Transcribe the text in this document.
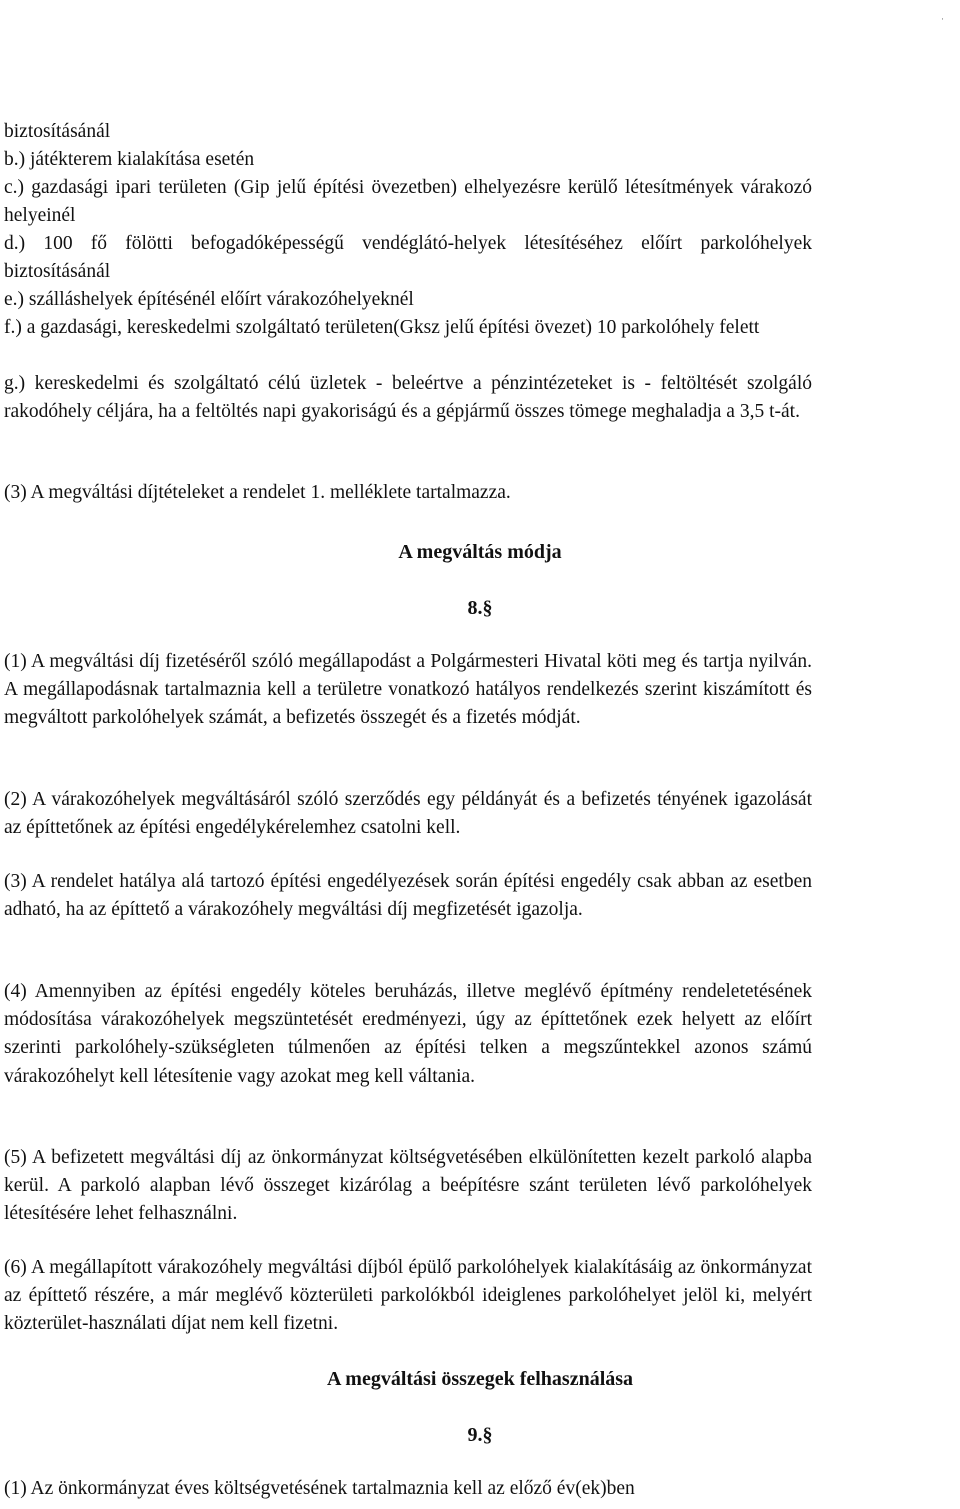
·

biztosításánál

b.) játékterem kialakítása esetén

c.) gazdasági ipari területen (Gip jelű építési övezetben) elhelyezésre kerülő létesítmények várakozó helyeinél

d.) 100 fő fölötti befogadóképességű vendéglátó-helyek létesítéséhez előírt parkolóhelyek biztosításánál

e.) szálláshelyek építésénél előírt várakozóhelyeknél

f.) a gazdasági, kereskedelmi szolgáltató területen(Gksz jelű építési övezet) 10 parkolóhely felett

g.) kereskedelmi és szolgáltató célú üzletek - beleértve a pénzintézeteket is - feltöltését szolgáló rakodóhely céljára, ha a feltöltés napi gyakoriságú és a gépjármű összes tömege meghaladja a 3,5 t-át.

(3) A megváltási díjtételeket a rendelet 1. melléklete tartalmazza.

A megváltás módja
8.§

(1) A megváltási díj fizetéséről szóló megállapodást a Polgármesteri Hivatal köti meg és tartja nyilván. A megállapodásnak tartalmaznia kell a területre vonatkozó hatályos rendelkezés szerint kiszámított és megváltott parkolóhelyek számát, a befizetés összegét és a fizetés módját.

(2) A várakozóhelyek megváltásáról szóló szerződés egy példányát és a befizetés tényének igazolását az építtetőnek az építési engedélykérelemhez csatolni kell.

(3) A rendelet hatálya alá tartozó építési engedélyezések során építési engedély csak abban az esetben adható, ha az építtető a várakozóhely megváltási díj megfizetését igazolja.

(4) Amennyiben az építési engedély köteles beruházás, illetve meglévő építmény rendeletetésének módosítása várakozóhelyek megszüntetését eredményezi, úgy az építtetőnek ezek helyett az előírt szerinti parkolóhely-szükségleten túlmenően az építési telken a megszűntekkel azonos számú várakozóhelyt kell létesítenie vagy azokat meg kell váltania.

(5) A befizetett megváltási díj az önkormányzat költségvetésében elkülönítetten kezelt parkoló alapba kerül. A parkoló alapban lévő összeget kizárólag a beépítésre szánt területen lévő parkolóhelyek létesítésére lehet felhasználni.

(6) A megállapított várakozóhely megváltási díjból épülő parkolóhelyek kialakításáig az önkormányzat az építtető részére, a már meglévő közterületi parkolókból ideiglenes parkolóhelyet jelöl ki, melyért közterület-használati díjat nem kell fizetni.

A megváltási összegek felhasználása
9.§

(1) Az önkormányzat éves költségvetésének tartalmaznia kell az előző év(ek)ben
